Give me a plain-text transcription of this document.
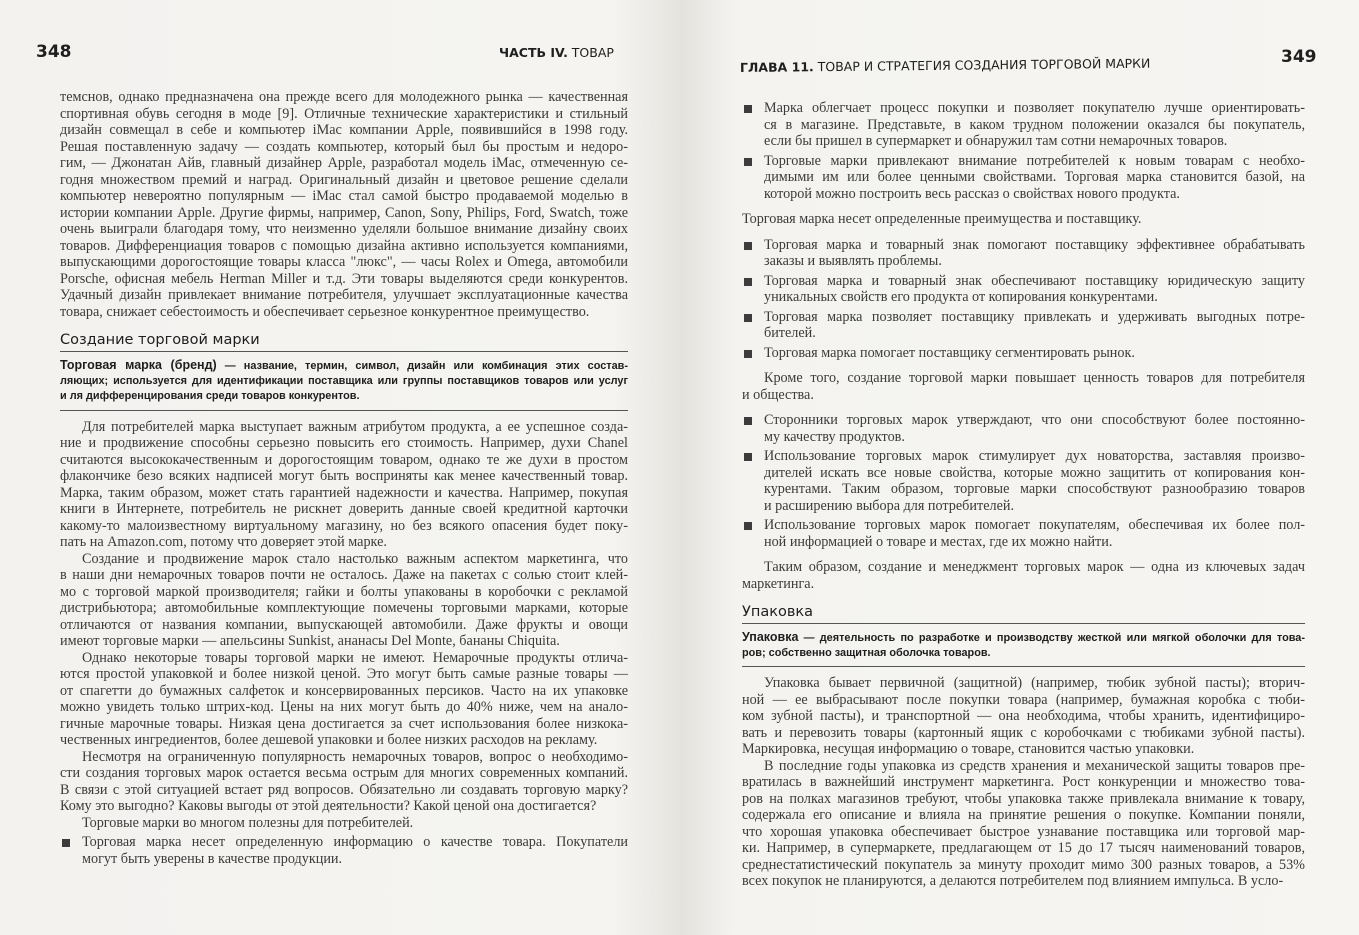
348	ЧАСТЬ IV. ТОВАР
темснов, однако предназначена она прежде всего для молодежного рынка — качественная
спортивная обувь сегодня в моде [9]. Отличные технические характеристики и стильный
дизайн совмещал в себе и компьютер iMac компании Apple, появившийся в 1998 году.
Решая поставленную задачу — создать компьютер, который был бы простым и недоро-
гим, — Джонатан Айв, главный дизайнер Apple, разработал модель iMac, отмеченную се-
годня множеством премий и наград. Оригинальный дизайн и цветовое решение сделали
компьютер невероятно популярным — iMac стал самой быстро продаваемой моделью в
истории компании Apple. Другие фирмы, например, Canon, Sony, Philips, Ford, Swatch, тоже
очень выиграли благодаря тому, что неизменно уделяли большое внимание дизайну своих
товаров. Дифференциация товаров с помощью дизайна активно используется компаниями,
выпускающими дорогостоящие товары класса "люкс", — часы Rolex и Omega, автомобили
Porsche, офисная мебель Herman Miller и т.д. Эти товары выделяются среди конкурентов.
Удачный дизайн привлекает внимание потребителя, улучшает эксплуатационные качества
товара, снижает себестоимость и обеспечивает серьезное конкурентное преимущество.
Создание торговой марки
Торговая марка (бренд) — название, термин, символ, дизайн или комбинация этих состав-
ляющих; используется для идентификации поставщика или группы поставщиков товаров или услуг
и ля дифференцирования среди товаров конкурентов.
Для потребителей марка выступает важным атрибутом продукта, а ее успешное созда-
ние и продвижение способны серьезно повысить его стоимость. Например, духи Chanel
считаются высококачественным и дорогостоящим товаром, однако те же духи в простом
флакончике безо всяких надписей могут быть восприняты как менее качественный товар.
Марка, таким образом, может стать гарантией надежности и качества. Например, покупая
книги в Интернете, потребитель не рискнет доверить данные своей кредитной карточки
какому-то малоизвестному виртуальному магазину, но без всякого опасения будет поку-
пать на Amazon.com, потому что доверяет этой марке.
Создание и продвижение марок стало настолько важным аспектом маркетинга, что
в наши дни немарочных товаров почти не осталось. Даже на пакетах с солью стоит клей-
мо с торговой маркой производителя; гайки и болты упакованы в коробочки с рекламой
дистрибьютора; автомобильные комплектующие помечены торговыми марками, которые
отличаются от названия компании, выпускающей автомобили. Даже фрукты и овощи
имеют торговые марки — апельсины Sunkist, ананасы Del Monte, бананы Chiquita.
Однако некоторые товары торговой марки не имеют. Немарочные продукты отлича-
ются простой упаковкой и более низкой ценой. Это могут быть самые разные товары —
от спагетти до бумажных салфеток и консервированных персиков. Часто на их упаковке
можно увидеть только штрих-код. Цены на них могут быть до 40% ниже, чем на анало-
гичные марочные товары. Низкая цена достигается за счет использования более низкока-
чественных ингредиентов, более дешевой упаковки и более низких расходов на рекламу.
Несмотря на ограниченную популярность немарочных товаров, вопрос о необходимо-
сти создания торговых марок остается весьма острым для многих современных компаний.
В связи с этой ситуацией встает ряд вопросов. Обязательно ли создавать торговую марку?
Кому это выгодно? Каковы выгоды от этой деятельности? Какой ценой она достигается?
Торговые марки во многом полезны для потребителей.
Торговая марка несет определенную информацию о качестве товара. Покупатели
могут быть уверены в качестве продукции.
349
ГЛАВА 11. ТОВАР И СТРАТЕГИЯ СОЗДАНИЯ ТОРГОВОЙ МАРКИ
Марка облегчает процесс покупки и позволяет покупателю лучше ориентировать-
ся в магазине. Представьте, в каком трудном положении оказался бы покупатель,
если бы пришел в супермаркет и обнаружил там сотни немарочных товаров.
Торговые марки привлекают внимание потребителей к новым товарам с необхо-
димыми им или более ценными свойствами. Торговая марка становится базой, на
которой можно построить весь рассказ о свойствах нового продукта.
Торговая марка несет определенные преимущества и поставщику.
Торговая марка и товарный знак помогают поставщику эффективнее обрабатывать
заказы и выявлять проблемы.
Торговая марка и товарный знак обеспечивают поставщику юридическую защиту
уникальных свойств его продукта от копирования конкурентами.
Торговая марка позволяет поставщику привлекать и удерживать выгодных потре-
бителей.
Торговая марка помогает поставщику сегментировать рынок.
Кроме того, создание торговой марки повышает ценность товаров для потребителя
и общества.
Сторонники торговых марок утверждают, что они способствуют более постоянно-
му качеству продуктов.
Использование торговых марок стимулирует дух новаторства, заставляя произво-
дителей искать все новые свойства, которые можно защитить от копирования кон-
курентами. Таким образом, торговые марки способствуют разнообразию товаров
и расширению выбора для потребителей.
Использование торговых марок помогает покупателям, обеспечивая их более пол-
ной информацией о товаре и местах, где их можно найти.
Таким образом, создание и менеджмент торговых марок — одна из ключевых задач
маркетинга.
Упаковка
Упаковка — деятельность по разработке и производству жесткой или мягкой оболочки для това-
ров; собственно защитная оболочка товаров.
Упаковка бывает первичной (защитной) (например, тюбик зубной пасты); вторич-
ной — ее выбрасывают после покупки товара (например, бумажная коробка с тюби-
ком зубной пасты), и транспортной — она необходима, чтобы хранить, идентифициро-
вать и перевозить товары (картонный ящик с коробочками с тюбиками зубной пасты).
Маркировка, несущая информацию о товаре, становится частью упаковки.
В последние годы упаковка из средств хранения и механической защиты товаров пре-
вратилась в важнейший инструмент маркетинга. Рост конкуренции и множество това-
ров на полках магазинов требуют, чтобы упаковка также привлекала внимание к товару,
содержала его описание и влияла на принятие решения о покупке. Компании поняли,
что хорошая упаковка обеспечивает быстрое узнавание поставщика или торговой мар-
ки. Например, в супермаркете, предлагающем от 15 до 17 тысяч наименований товаров,
среднестатистический покупатель за минуту проходит мимо 300 разных товаров, а 53%
всех покупок не планируются, а делаются потребителем под влиянием импульса. В усло-
